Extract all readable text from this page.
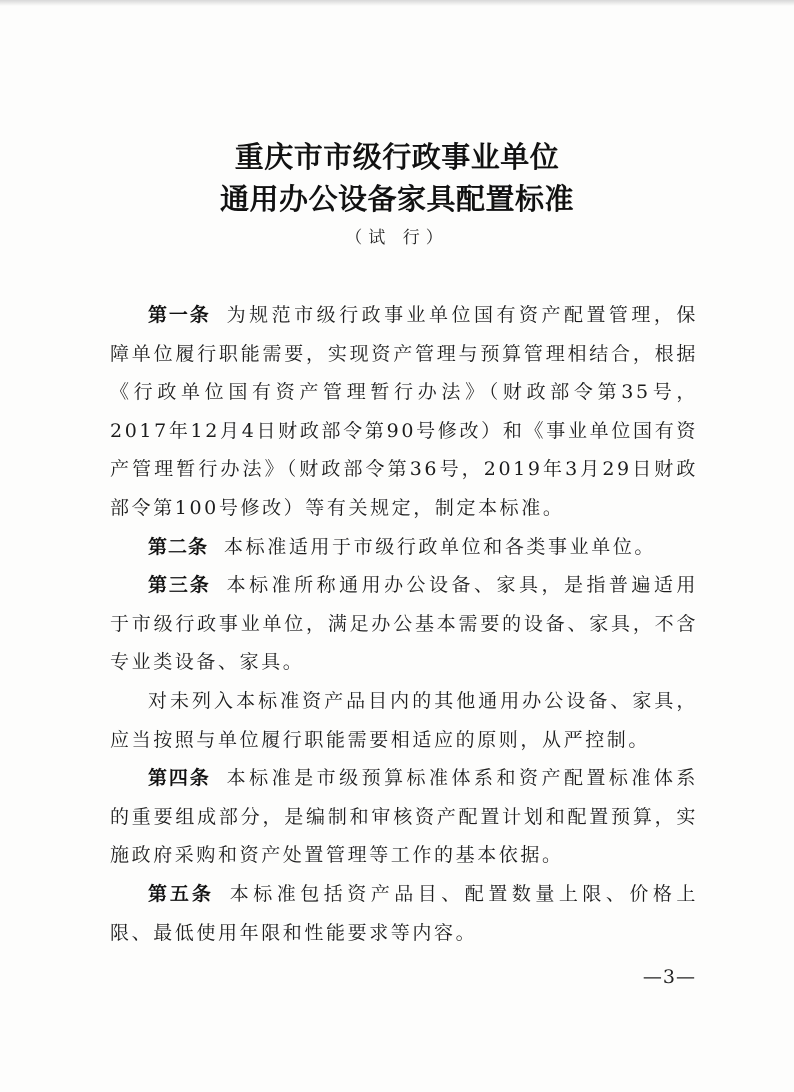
重庆市市级行政事业单位
通用办公设备家具配置标准
（试 行）

第一条 为规范市级行政事业单位国有资产配置管理，保障单位履行职能需要，实现资产管理与预算管理相结合，根据《行政单位国有资产管理暂行办法》（财政部令第35号，2017年12月4日财政部令第90号修改）和《事业单位国有资产管理暂行办法》（财政部令第36号，2019年3月29日财政部令第100号修改）等有关规定，制定本标准。

第二条 本标准适用于市级行政单位和各类事业单位。

第三条 本标准所称通用办公设备、家具，是指普遍适用于市级行政事业单位，满足办公基本需要的设备、家具，不含专业类设备、家具。

对未列入本标准资产品目内的其他通用办公设备、家具，应当按照与单位履行职能需要相适应的原则，从严控制。

第四条 本标准是市级预算标准体系和资产配置标准体系的重要组成部分，是编制和审核资产配置计划和配置预算，实施政府采购和资产处置管理等工作的基本依据。

第五条 本标准包括资产品目、配置数量上限、价格上限、最低使用年限和性能要求等内容。

—3—
